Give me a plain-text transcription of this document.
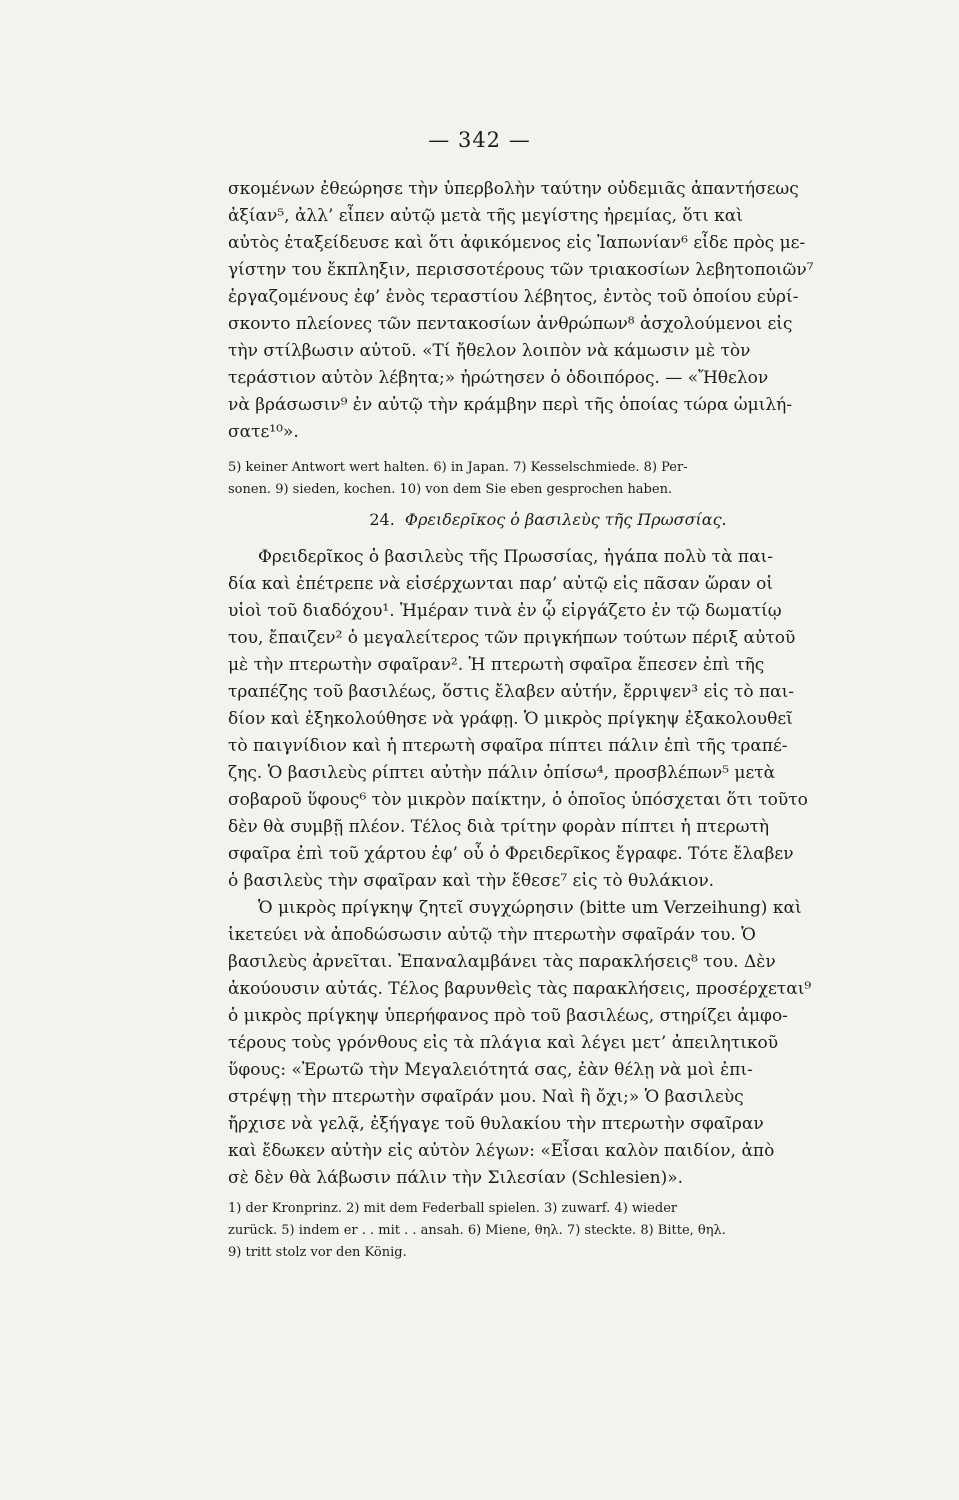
— 342 —
σκομένων ἐθεώρησε τὴν ὑπερβολὴν ταύτην οὐδεμιᾶς ἀπαντήσεως
ἀξίαν⁵, ἀλλ’ εἶπεν αὐτῷ μετὰ τῆς μεγίστης ἠρεμίας, ὅτι καὶ
αὐτὸς ἐταξείδευσε καὶ ὅτι ἀφικόμενος εἰς Ἰαπωνίαν⁶ εἶδε πρὸς με-
γίστην του ἔκπληξιν, περισσοτέρους τῶν τριακοσίων λεβητοποιῶν⁷
ἐργαζομένους ἐφ’ ἑνὸς τεραστίου λέβητος, ἐντὸς τοῦ ὁποίου εὑρί-
σκοντο πλείονες τῶν πεντακοσίων ἀνθρώπων⁸ ἀσχολούμενοι εἰς
τὴν στίλβωσιν αὐτοῦ. «Τί ἤθελον λοιπὸν νὰ κάμωσιν μὲ τὸν
τεράστιον αὐτὸν λέβητα;» ἠρώτησεν ὁ ὁδοιπόρος. — «Ἤθελον
νὰ βράσωσιν⁹ ἐν αὐτῷ τὴν κράμβην περὶ τῆς ὁποίας τώρα ὡμιλή-
σατε¹⁰».
5) keiner Antwort wert halten. 6) in Japan. 7) Kesselschmiede. 8) Per-
sonen. 9) sieden, kochen. 10) von dem Sie eben gesprochen haben.
24. Φρειδερῖκος ὁ βασιλεὺς τῆς Πρωσσίας.
Φρειδερῖκος ὁ βασιλεὺς τῆς Πρωσσίας, ἠγάπα πολὺ τὰ παι-
δία καὶ ἐπέτρεπε νὰ εἰσέρχωνται παρ’ αὐτῷ εἰς πᾶσαν ὥραν οἱ
υἱοὶ τοῦ διαδόχου¹. Ἡμέραν τινὰ ἐν ᾧ εἰργάζετο ἐν τῷ δωματίῳ
του, ἔπαιζεν² ὁ μεγαλείτερος τῶν πριγκήπων τούτων πέριξ αὐτοῦ
μὲ τὴν πτερωτὴν σφαῖραν². Ἡ πτερωτὴ σφαῖρα ἔπεσεν ἐπὶ τῆς
τραπέζης τοῦ βασιλέως, ὅστις ἔλαβεν αὐτήν, ἔρριψεν³ εἰς τὸ παι-
δίον καὶ ἐξηκολούθησε νὰ γράφῃ. Ὁ μικρὸς πρίγκηψ ἐξακολουθεῖ
τὸ παιγνίδιον καὶ ἡ πτερωτὴ σφαῖρα πίπτει πάλιν ἐπὶ τῆς τραπέ-
ζης. Ὁ βασιλεὺς ρίπτει αὐτὴν πάλιν ὀπίσω⁴, προσβλέπων⁵ μετὰ
σοβαροῦ ὕφους⁶ τὸν μικρὸν παίκτην, ὁ ὁποῖος ὑπόσχεται ὅτι τοῦτο
δὲν θὰ συμβῇ πλέον. Τέλος διὰ τρίτην φορὰν πίπτει ἡ πτερωτὴ
σφαῖρα ἐπὶ τοῦ χάρτου ἐφ’ οὗ ὁ Φρειδερῖκος ἔγραφε. Τότε ἔλαβεν
ὁ βασιλεὺς τὴν σφαῖραν καὶ τὴν ἔθεσε⁷ εἰς τὸ θυλάκιον.
Ὁ μικρὸς πρίγκηψ ζητεῖ συγχώρησιν (bitte um Verzeihung) καὶ
ἱκετεύει νὰ ἀποδώσωσιν αὐτῷ τὴν πτερωτὴν σφαῖράν του. Ὁ
βασιλεὺς ἀρνεῖται. Ἐπαναλαμβάνει τὰς παρακλήσεις⁸ του. Δὲν
ἀκούουσιν αὐτάς. Τέλος βαρυνθεὶς τὰς παρακλήσεις, προσέρχεται⁹
ὁ μικρὸς πρίγκηψ ὑπερήφανος πρὸ τοῦ βασιλέως, στηρίζει ἀμφο-
τέρους τοὺς γρόνθους εἰς τὰ πλάγια καὶ λέγει μετ’ ἀπειλητικοῦ
ὕφους: «Ἐρωτῶ τὴν Μεγαλειότητά σας, ἐὰν θέλῃ νὰ μοὶ ἐπι-
στρέψῃ τὴν πτερωτὴν σφαῖράν μου. Ναὶ ἢ ὄχι;» Ὁ βασιλεὺς
ἤρχισε νὰ γελᾷ, ἐξήγαγε τοῦ θυλακίου τὴν πτερωτὴν σφαῖραν
καὶ ἔδωκεν αὐτὴν εἰς αὐτὸν λέγων: «Εἶσαι καλὸν παιδίον, ἀπὸ
σὲ δὲν θὰ λάβωσιν πάλιν τὴν Σιλεσίαν (Schlesien)».
1) der Kronprinz. 2) mit dem Federball spielen. 3) zuwarf. 4) wieder
zurück. 5) indem er . . mit . . ansah. 6) Miene, θηλ. 7) steckte. 8) Bitte, θηλ.
9) tritt stolz vor den König.
